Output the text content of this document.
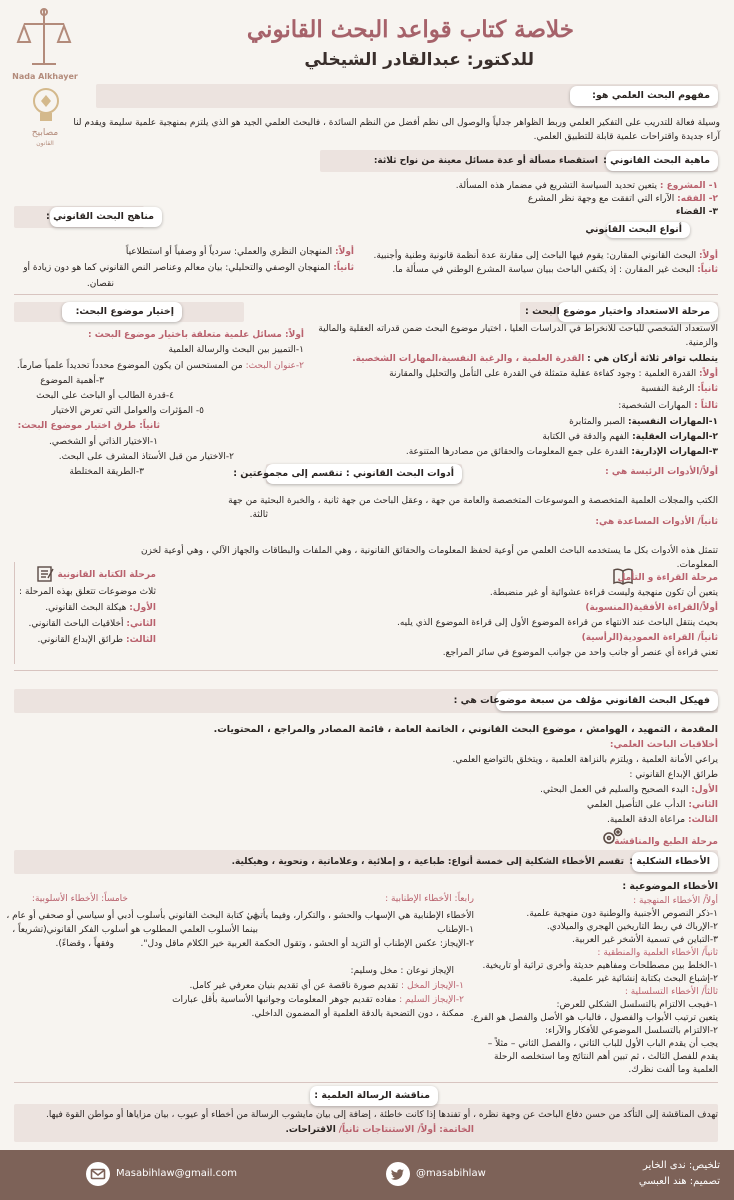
خلاصة كتاب قواعد البحث القانوني
للدكتور: عبدالقادر الشيخلي
Nada Alkhayer
مصابيح
القانون
مفهوم البحث العلمي هو:
وسيلة فعالة للتدريب على التفكير العلمي وربط الظواهر جدلياً والوصول الى نظم أفضل من النظم السائدة ، فالبحث العلمي الجيد هو الذي يلتزم بمنهجية علمية سليمة ويقدم لنا
آراء جديدة واقتراحات علمية قابلة للتطبيق العلمي.
ماهية البحث القانوني :
استقصاء مسألة أو عدة مسائل معينة من نواح ثلاثة:
١- المشروع : يتعين تحديد السياسة التشريع في مضمار هذه المسألة.
٢- الفقه: الآراء التي اتفقت مع وجهة نظر المشرع
٣- القضاء
أنواع البحث القانوني
أولاً: البحث القانوني المقارن: يقوم فيها الباحث إلى مقارنة عدة أنظمة قانونية وطنية وأجنبية.
ثانياً: البحث غير المقارن : إذ يكتفي الباحث ببيان سياسة المشرع الوطني في مسألة ما.
مناهج البحث القانوني :
أولاً: المنهجان النظري والعملي: سردياً أو وصفياً أو استطلاعياً
ثانياً: المنهجان الوصفي والتحليلي: بيان معالم وعناصر النص القانوني كما هو دون زيادة أو
نقصان.
مرحلة الاستعداد واختيار موضوع البحث :
الاستعداد الشخصي للباحث للانخراط في الدراسات العليا ، اختيار موضوع البحث ضمن قدراته العقلية والمالية
والزمنية.
يتطلب توافر ثلاثة أركان هي : القدرة العلمية ، والرغبة النفسية،المهارات الشخصية.
أولاً: القدرة العلمية : وجود كفاءة عقلية متمثلة في القدرة على التأمل والتحليل والمقارنة
ثانياً: الرغبة النفسية
ثالثاً : المهارات الشخصية:
١-المهارات النفسية: الصبر والمثابرة
٢-المهارات العقلية: الفهم والدقة في الكتابة
٣-المهارات الإدارية: القدرة على جمع المعلومات والحقائق من مصادرها المتنوعة.
إختيار موضوع البحث:
أولاً: مسائل علمية متعلقة باختيار موضوع البحث :
١-التمييز بين البحث والرسالة العلمية
٢-عنوان البحث: من المستحسن ان يكون الموضوع محدداً تحديداً علمياً صارماً.
٣-أهمية الموضوع
٤-قدرة الطالب أو الباحث على البحث
٥- المؤثرات والعوامل التي تعرض الاختيار
ثانياً: طرق اختيار موضوع البحث:
١-الاختيار الذاتي أو الشخصي.
٢-الاختيار من قبل الأستاذ المشرف على البحث.
٣-الطريقة المختلطة	أولاً/الأدوات الرئيسة هي :
أدوات البحث القانوني : تنقسم إلى مجموعتين :
الكتب والمجلات العلمية المتخصصة و الموسوعات المتخصصة والعامة من جهة ، وعقل الباحث من جهة ثانية ، والخبرة البحثية من جهة
ثالثة.
ثانياً/ الأدوات المساعدة هي:
تتمثل هذه الأدوات بكل ما يستخدمه الباحث العلمي من أوعية لحفظ المعلومات والحقائق القانونية ، وهي الملفات والبطاقات والجهاز الآلي ، وهي أوعية لخزن
المعلومات.
مرحلة القراءة و التأمل
يتعين أن تكون منهجية وليست قراءة عشوائية أو غير منضبطة.
أولاً/القراءة الأفقية(المنسوبة)
بحيث ينتقل الباحث عند الانتهاء من قراءة الموضوع الأول إلى قراءة الموضوع الذي يليه.
ثانياً/ القراءة العمودية(الرأسية)
تعني قراءة أي عنصر أو جانب واحد من جوانب الموضوع في سائر المراجع.
مرحلة الكتابة القانونية
ثلاث موضوعات تتعلق بهذه المرحلة :
الأول: هيكلة البحث القانوني.
الثاني: أخلاقيات الباحث القانوني.
الثالث: طرائق الإبداع القانوني.
فهيكل البحث القانوني مؤلف من سبعة موضوعات هي :
المقدمة ، التمهيد ، الهوامش ، موضوع البحث القانوني ، الخاتمة العامة ، قائمة المصادر والمراجع ، المحتويات.
أخلاقيات الباحث العلمي:
يراعي الأمانة العلمية ، ويلتزم بالنزاهة العلمية ، ويتخلق بالتواضع العلمي.
طرائق الإبداع القانوني :
الأول: البدء الصحيح والسليم في العمل البحثي.
الثاني: الدأب على التأصيل العلمي
الثالث: مراعاة الدقة العلمية.
مرحلة الطبع والمناقشة
الأخطاء الشكلية :
تقسم الأخطاء الشكلية إلى خمسة أنواع: طباعية ، و إملائية ، وعلاماتية ، ونحوية ، وهيكلية.
الأخطاء الموضوعية :
أولاً/ الأخطاء المنهجية :
١-ذكر النصوص الأجنبية والوطنية دون منهجية علمية.
٢-الإرباك في ربط التاريخين الهجري والميلادي.
٣-التباين في تسمية الأشخر غير العربية.
ثانياً/ الأخطاء العلمية والمنطقية :
١-الخلط بين مصطلحات ومفاهيم حديثة وأخرى تراثية أو تاريخية.
٢-إشباع البحث بكتابة إنشائية غير علمية.
ثالثاً/ الأخطاء التسلسلية :
١-فيجب الالتزام بالتسلسل الشكلي للعرض:
يتعين ترتيب الأبواب والفصول ، فالباب هو الأصل والفصل هو الفرع.
٢-الالتزام بالتسلسل الموضوعي للأفكار والآراء:
يجب أن يقدم الباب الأول للباب الثاني ، والفصل الثاني – مثلاً –
يقدم للفصل الثالث ، ثم تبين أهم النتائج وما استخلصه الرحلة
العلمية وما ألفت نظرك.
رابعاً: الأخطاء الإطنابية :
الأخطاء الإطنابية هي الإسهاب والحشو ، والتكرار، وفيما يأتي :
١-الإطناب
٢-الإيجاز: عكس الإطناب أو التزيد أو الحشو ، وتقول الحكمة العربية خير الكلام ماقل ودل".
الإيجاز نوعان : مخل وسليم:
١-الإيجاز المخل : تقديم صورة ناقصة عن أي تقديم بنيان معرفي غير كامل.
٢-الإيجاز السليم : مفاده تقديم جوهر المعلومات وجوانبها الأساسية بأقل عبارات
ممكنة ، دون التضحية بالدقة العلمية أو المضمون الداخلي.
خامساً: الأخطاء الأسلوبية:
في كتابة البحث القانوني بأسلوب أدبي أو سياسي أو صحفي أو عام ،
بينما الأسلوب العلمي المطلوب هو أسلوب الفكر القانوني(تشريعاً ،
وفقهاً ، وقضاءً).
مناقشة الرسالة العلمية :
تهدف المناقشة إلى التأكد من حسن دفاع الباحث عن وجهة نظره ، أو تفندها إذا كانت خاطئة ، إضافة إلى بيان مايشوب الرسالة من أخطاء أو عيوب ، بيان مزاياها أو مواطن القوة فيها.
الخاتمة: أولاً/ الاستنتاجات ثانياً/ الاقتراحات.
تلخيص: ندى الخاير
تصميم: هند العبسي
@masabihlaw
Masabihlaw@gmail.com
